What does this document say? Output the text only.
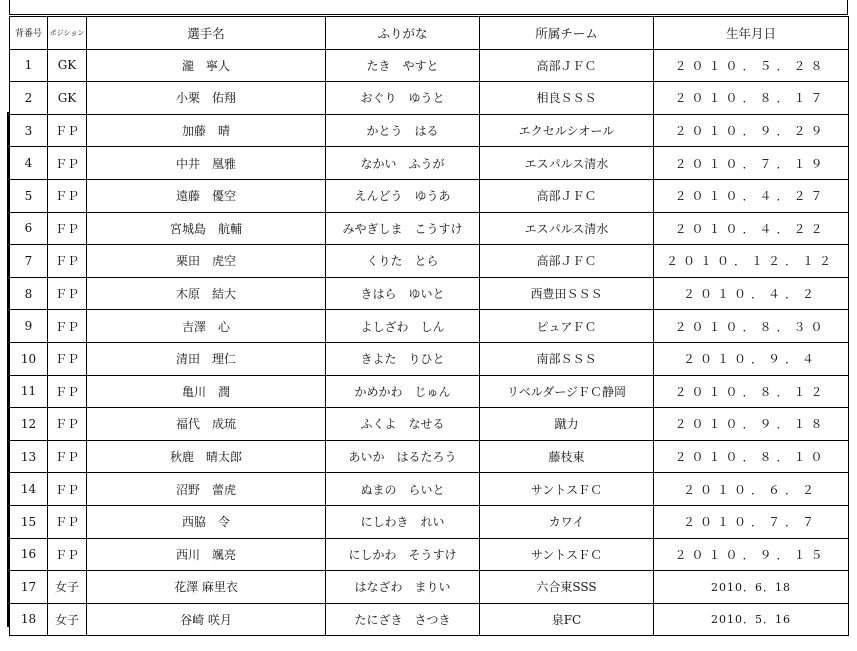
背番号	ポジション	選手名	ふりがな	所属チーム	生年月日
1	GK	瀧　寧人	たき　やすと	高部ＪＦＣ	２０１０．５．２８
2	GK	小栗　佑翔	おぐり　ゆうと	相良ＳＳＳ	２０１０．８．１７
3	ＦＰ	加藤　晴	かとう　はる	エクセルシオール	２０１０．９．２９
4	ＦＰ	中井　凰雅	なかい　ふうが	エスパルス清水	２０１０．７．１９
5	ＦＰ	遠藤　優空	えんどう　ゆうあ	高部ＪＦＣ	２０１０．４．２７
6	ＦＰ	宮城島　航輔	みやぎしま　こうすけ	エスパルス清水	２０１０．４．２２
7	ＦＰ	栗田　虎空	くりた　とら	高部ＪＦＣ	２０１０．１２．１２
8	ＦＰ	木原　結大	きはら　ゆいと	西豊田ＳＳＳ	２０１０．４．２
9	ＦＰ	吉澤　心	よしざわ　しん	ピュアＦＣ	２０１０．８．３０
10	ＦＰ	清田　理仁	きよた　りひと	南部ＳＳＳ	２０１０．９．４
11	ＦＰ	亀川　潤	かめかわ　じゅん	リベルダージＦＣ静岡	２０１０．８．１２
12	ＦＰ	福代　成琉	ふくよ　なせる	蹴力	２０１０．９．１８
13	ＦＰ	秋鹿　晴太郎	あいか　はるたろう	藤枝東	２０１０．８．１０
14	ＦＰ	沼野　蕾虎	ぬまの　らいと	サントスＦＣ	２０１０．６．２
15	ＦＰ	西脇　令	にしわき　れい	カワイ	２０１０．７．７
16	ＦＰ	西川　颯亮	にしかわ　そうすけ	サントスＦＣ	２０１０．９．１５
17	女子	花澤 麻里衣	はなざわ　まりい	六合東SSS	2010．6．18
18	女子	谷崎 咲月	たにざき　さつき	泉FC	2010．5．16
